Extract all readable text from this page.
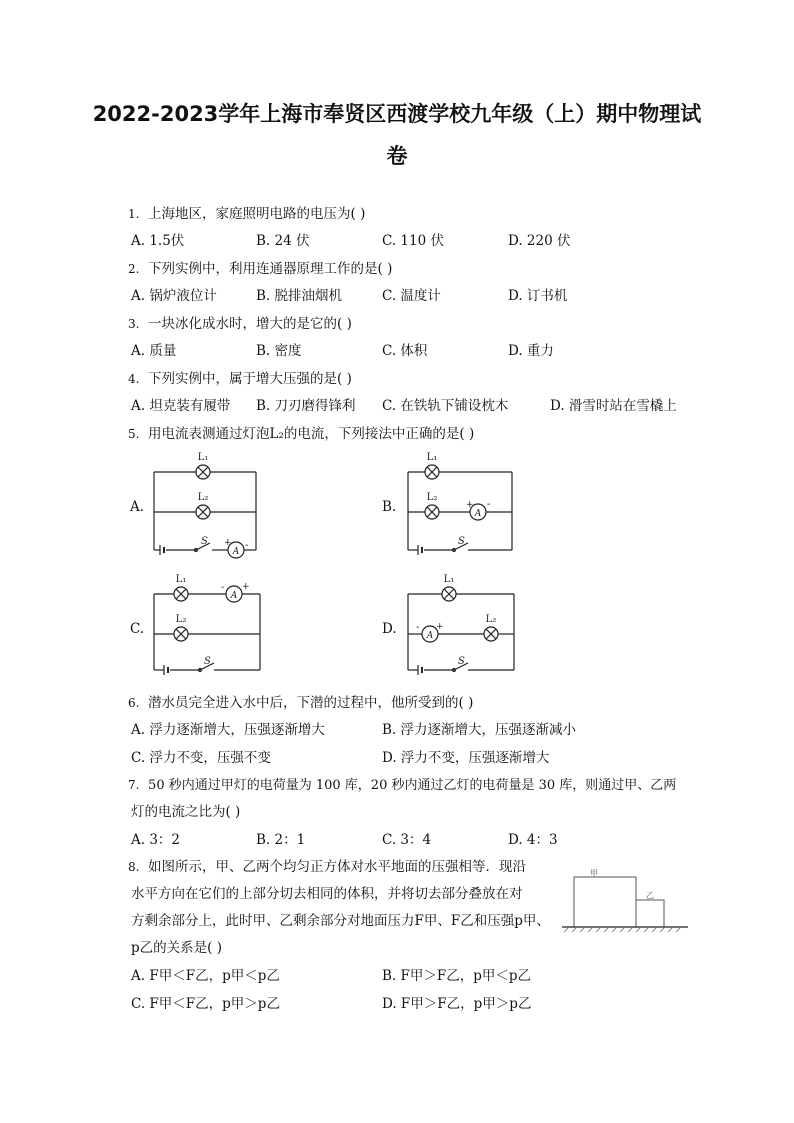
2022-2023学年上海市奉贤区西渡学校九年级（上）期中物理试
卷
1. 上海地区，家庭照明电路的电压为( )
A. 1.5伏	B. 24 伏	C. 110 伏	D. 220 伏
2. 下列实例中，利用连通器原理工作的是( )
A. 锅炉液位计	B. 脱排油烟机	C. 温度计	D. 订书机
3. 一块冰化成水时，增大的是它的( )
A. 质量	B. 密度	C. 体积	D. 重力
4. 下列实例中，属于增大压强的是( )
A. 坦克装有履带 B. 刀刃磨得锋利 C. 在铁轨下铺设枕木	D. 滑雪时站在雪橇上
5. 用电流表测通过灯泡L₂的电流，下列接法中正确的是( )
A.	B.
C.	D.
L₁
L₂
S
A
+ -
L₁
L₂
S
A
+ -
L₁
L₂
S
A
- +
L₁
L₂
S
A
- +
6. 潜水员完全进入水中后，下潜的过程中，他所受到的( )
A. 浮力逐渐增大，压强逐渐增大	B. 浮力逐渐增大，压强逐渐减小
C. 浮力不变，压强不变	D. 浮力不变，压强逐渐增大
7. 50 秒内通过甲灯的电荷量为 100 库，20 秒内通过乙灯的电荷量是 30 库，则通过甲、乙两
灯的电流之比为( )
A. 3：2	B. 2：1	C. 3：4	D. 4：3
8. 如图所示，甲、乙两个均匀正方体对水平地面的压强相等．现沿
水平方向在它们的上部分切去相同的体积，并将切去部分叠放在对
方剩余部分上，此时甲、乙剩余部分对地面压力F甲、F乙和压强p甲、
p乙的关系是( )
甲
乙
A. F甲＜F乙，p甲＜p乙	B. F甲＞F乙，p甲＜p乙
C. F甲＜F乙，p甲＞p乙	D. F甲＞F乙，p甲＞p乙
